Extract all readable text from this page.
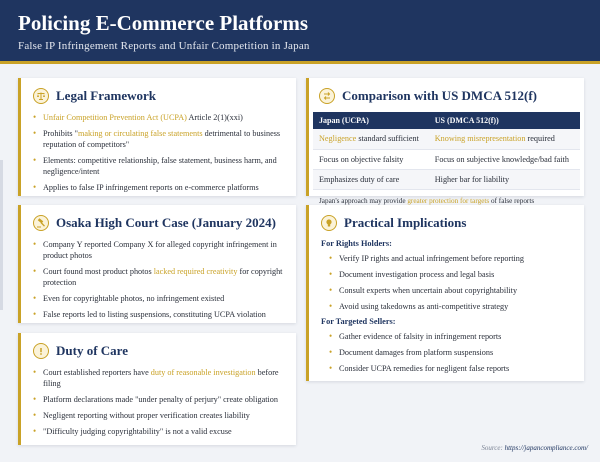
Policing E-Commerce Platforms
False IP Infringement Reports and Unfair Competition in Japan
Legal Framework
• Unfair Competition Prevention Act (UCPA) Article 2(1)(xxi)
• Prohibits "making or circulating false statements detrimental to business reputation of competitors"
• Elements: competitive relationship, false statement, business harm, and negligence/intent
• Applies to false IP infringement reports on e-commerce platforms
Osaka High Court Case (January 2024)
• Company Y reported Company X for alleged copyright infringement in product photos
• Court found most product photos lacked required creativity for copyright protection
• Even for copyrightable photos, no infringement existed
• False reports led to listing suspensions, constituting UCPA violation
Duty of Care
• Court established reporters have duty of reasonable investigation before filing
• Platform declarations made "under penalty of perjury" create obligation
• Negligent reporting without proper verification creates liability
• "Difficulty judging copyrightability" is not a valid excuse
Comparison with US DMCA 512(f)
Japan (UCPA)	US (DMCA 512(f))
Negligence standard sufficient	Knowing misrepresentation required
Focus on objective falsity	Focus on subjective knowledge/bad faith
Emphasizes duty of care	Higher bar for liability
Japan's approach may provide greater protection for targets of false reports
Practical Implications
For Rights Holders:
• Verify IP rights and actual infringement before reporting
• Document investigation process and legal basis
• Consult experts when uncertain about copyrightability
• Avoid using takedowns as anti-competitive strategy
For Targeted Sellers:
• Gather evidence of falsity in infringement reports
• Document damages from platform suspensions
• Consider UCPA remedies for negligent false reports
Source: https://japancompliance.com/
